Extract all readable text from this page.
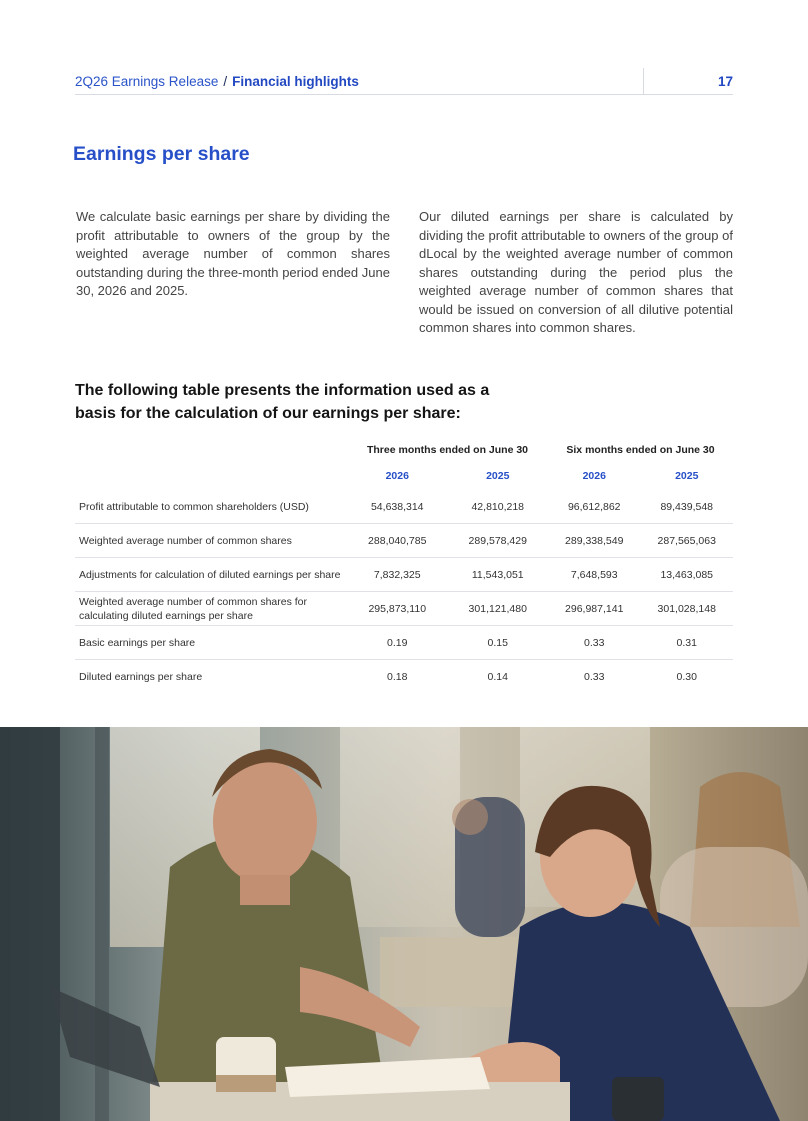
2Q26 Earnings Release / Financial highlights	17
Earnings per share

We calculate basic earnings per share by dividing the profit attributable to owners of the group by the weighted average number of common shares outstanding during the three-month period ended June 30, 2026 and 2025.

Our diluted earnings per share is calculated by dividing the profit attributable to owners of the group of dLocal by the weighted average number of common shares outstanding during the period plus the weighted average number of common shares that would be issued on conversion of all dilutive potential common shares into common shares.

The following table presents the information used as a basis for the calculation of our earnings per share:
	Three months ended on June 30		Six months ended on June 30	
	2026	2025	2026	2025
Profit attributable to common shareholders (USD)	54,638,314	42,810,218	96,612,862	89,439,548
Weighted average number of common shares	288,040,785	289,578,429	289,338,549	287,565,063
Adjustments for calculation of diluted earnings per share	7,832,325	11,543,051	7,648,593	13,463,085
Weighted average number of common shares for calculating diluted earnings per share	295,873,110	301,121,480	296,987,141	301,028,148
Basic earnings per share	0.19	0.15	0.33	0.31
Diluted earnings per share	0.18	0.14	0.33	0.30
